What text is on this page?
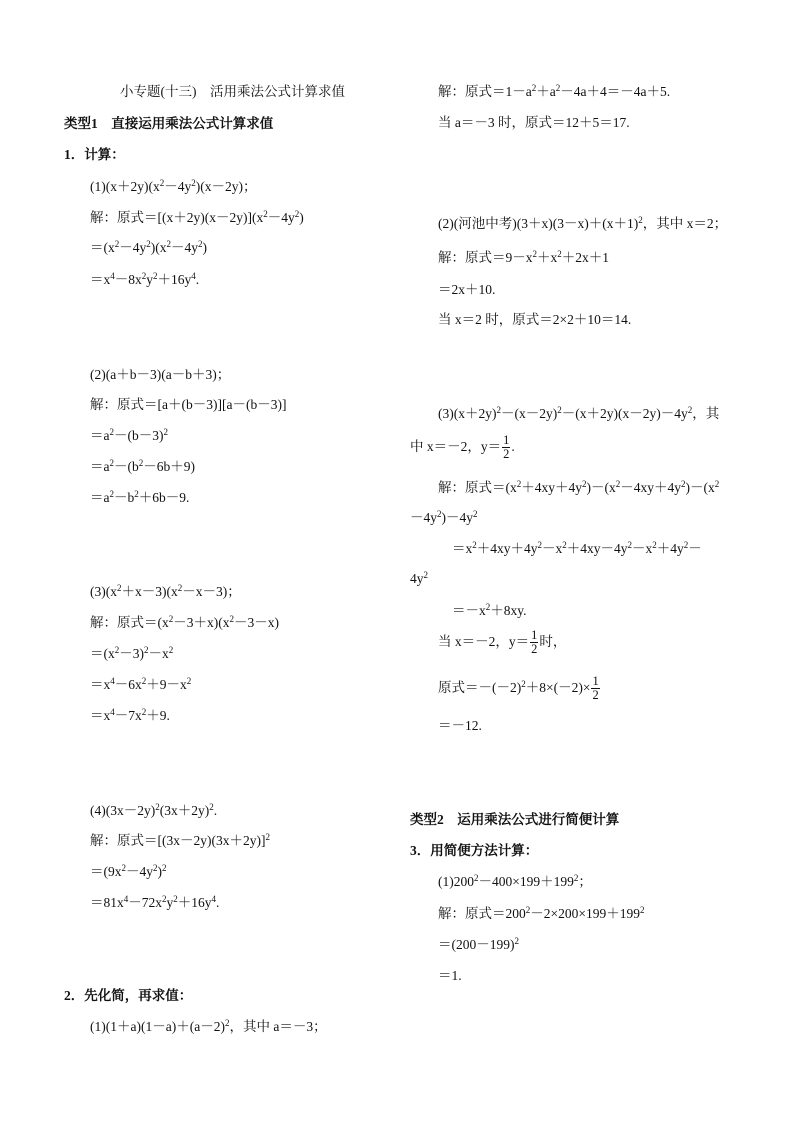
小专题(十三)　活用乘法公式计算求值
类型1　直接运用乘法公式计算求值
1．计算：
$(1)(x+2y)(x^2-4y^2)(x-2y)$；
解：原式$=[(x+2y)(x-2y)](x^2-4y^2)$
$=(x^2-4y^2)(x^2-4y^2)$
$=x^4-8x^2y^2+16y^4$.
(2)(a＋b－3)(a－b＋3)；
解：原式＝[a＋(b－3)][a－(b－3)]
$=a^2-(b-3)^2$
$=a^2-(b^2-6b+9)$
$=a^2-b^2+6b-9$.
$(3)(x^2+x-3)(x^2-x-3)$；
解：原式$=(x^2-3+x)(x^2-3-x)$
$=(x^2-3)^2-x^2$
$=x^4-6x^2+9-x^2$
$=x^4-7x^2+9$.
$(4)(3x-2y)^2(3x+2y)^2$.
解：原式$=[(3x-2y)(3x+2y)]^2$
$=(9x^2-4y^2)^2$
$=81x^4-72x^2y^2+16y^4$.
2．先化简，再求值：
$(1)(1+a)(1-a)+(a-2)^2$，其中 a＝－3；
解：原式$=1-a^2+a^2-4a+4=-4a+5$.
当 a＝－3 时，原式＝12＋5＝17.
(2)(河池中考)$(3+x)(3-x)+(x+1)^2$，其中 x＝2；
解：原式$=9-x^2+x^2+2x+1$
＝2x＋10.
当 x＝2 时，原式＝2×2＋10＝14.
$(3)(x+2y)^2-(x-2y)^2-(x+2y)(x-2y)-4y^2$，其
中 x＝－2，$y= \frac{1}{2}$ .
解：原式$=(x^2+4xy+4y^2)-(x^2-4xy+4y^2)-(x^2$
$-4y^2)-4y^2$
$=x^2+4xy+4y^2-x^2+4xy-4y^2-x^2+4y^2-$
$4y^2$
$=-x^2+8xy$.
当 x＝－2，$y= \frac{1}{2}$ 时，
原式$=-(-2)^2+8\times(-2)\times \frac{1}{2}$
＝－12.
类型2　运用乘法公式进行简便计算
3．用简便方法计算：
$(1)200^2-400\times 199+199^2$；
解：原式$=200^2-2\times 200\times 199+199^2$
$=(200-199)^2$
＝1.
